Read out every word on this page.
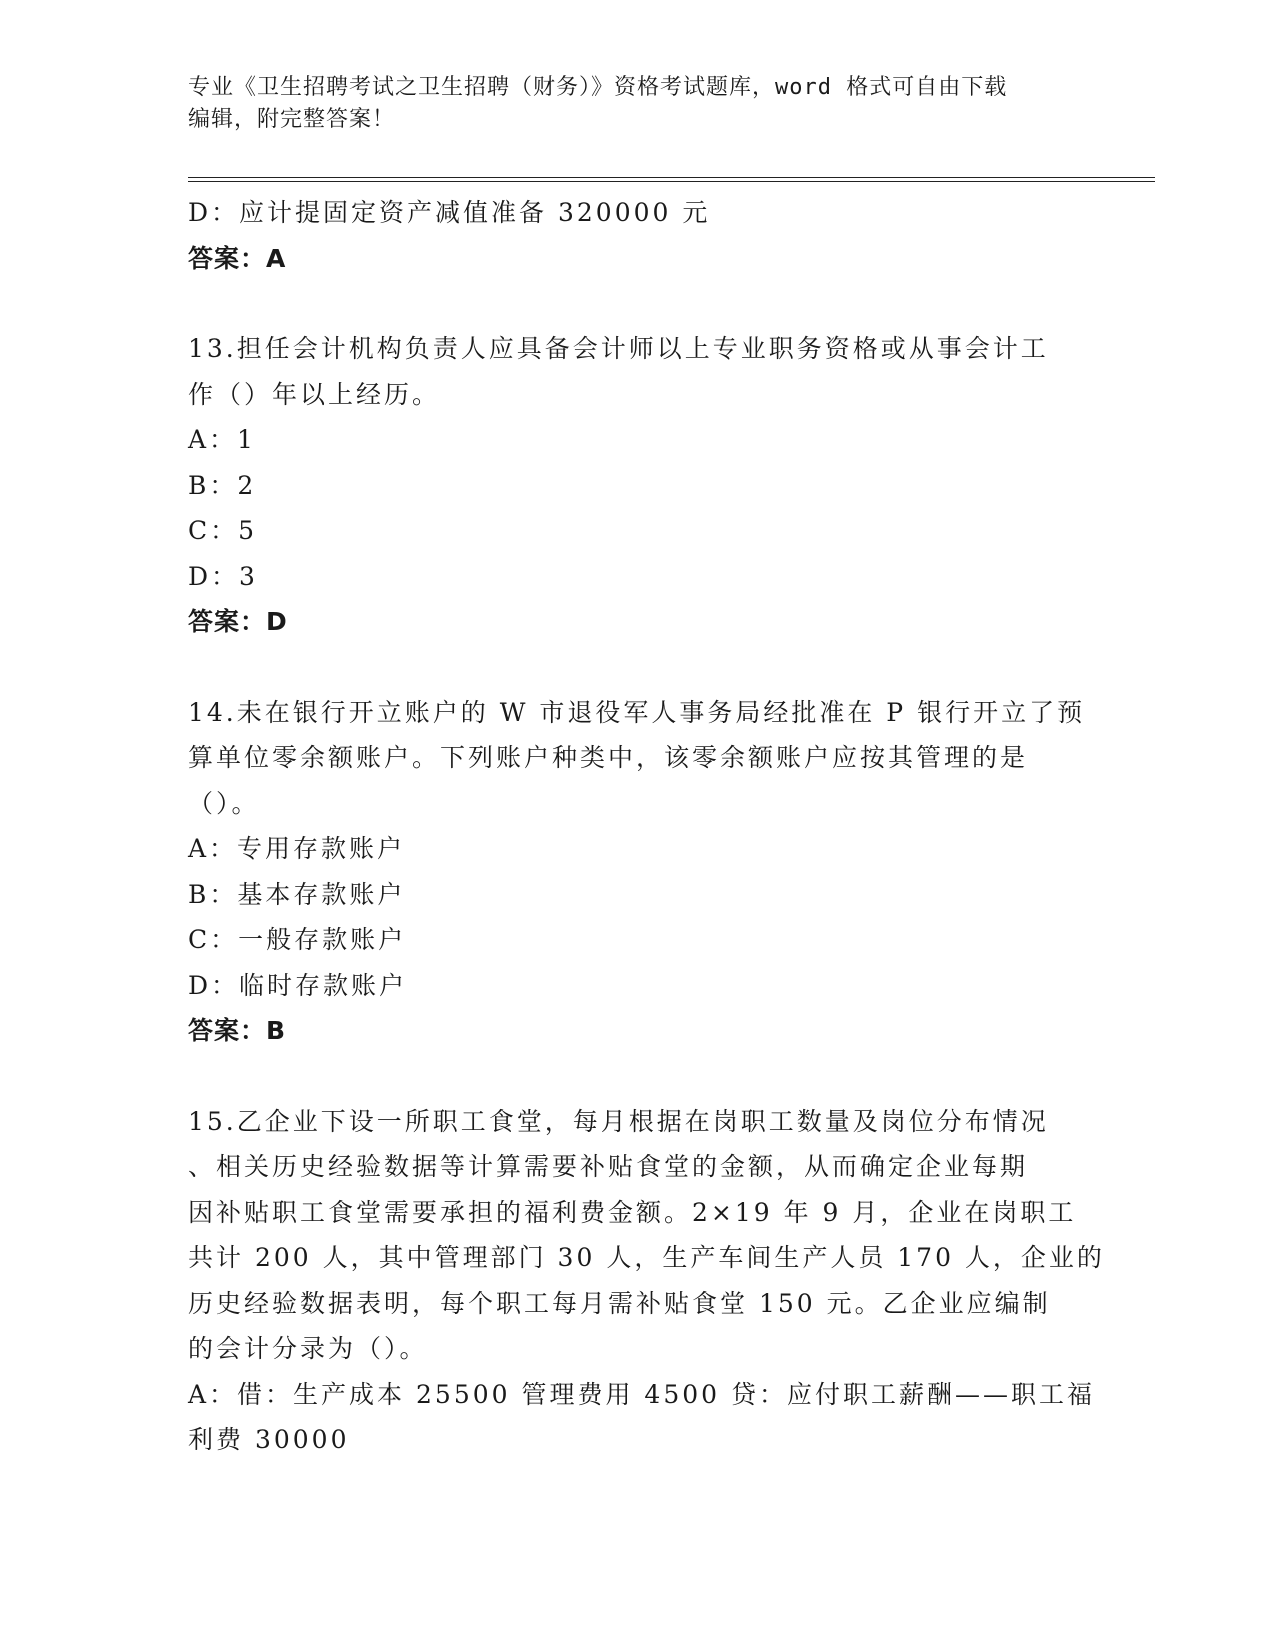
专业《卫生招聘考试之卫生招聘（财务）》资格考试题库，word 格式可自由下载
编辑，附完整答案！
D：应计提固定资产减值准备 320000 元
答案：A
13.担任会计机构负责人应具备会计师以上专业职务资格或从事会计工
作（）年以上经历。
A：1
B：2
C：5
D：3
答案：D
14.未在银行开立账户的 W 市退役军人事务局经批准在 P 银行开立了预
算单位零余额账户。下列账户种类中，该零余额账户应按其管理的是
（）。
A：专用存款账户
B：基本存款账户
C：一般存款账户
D：临时存款账户
答案：B
15.乙企业下设一所职工食堂，每月根据在岗职工数量及岗位分布情况
、相关历史经验数据等计算需要补贴食堂的金额，从而确定企业每期
因补贴职工食堂需要承担的福利费金额。2×19 年 9 月，企业在岗职工
共计 200 人，其中管理部门 30 人，生产车间生产人员 170 人，企业的
历史经验数据表明，每个职工每月需补贴食堂 150 元。乙企业应编制
的会计分录为（）。
A：借：生产成本 25500 管理费用 4500 贷：应付职工薪酬——职工福
利费 30000
